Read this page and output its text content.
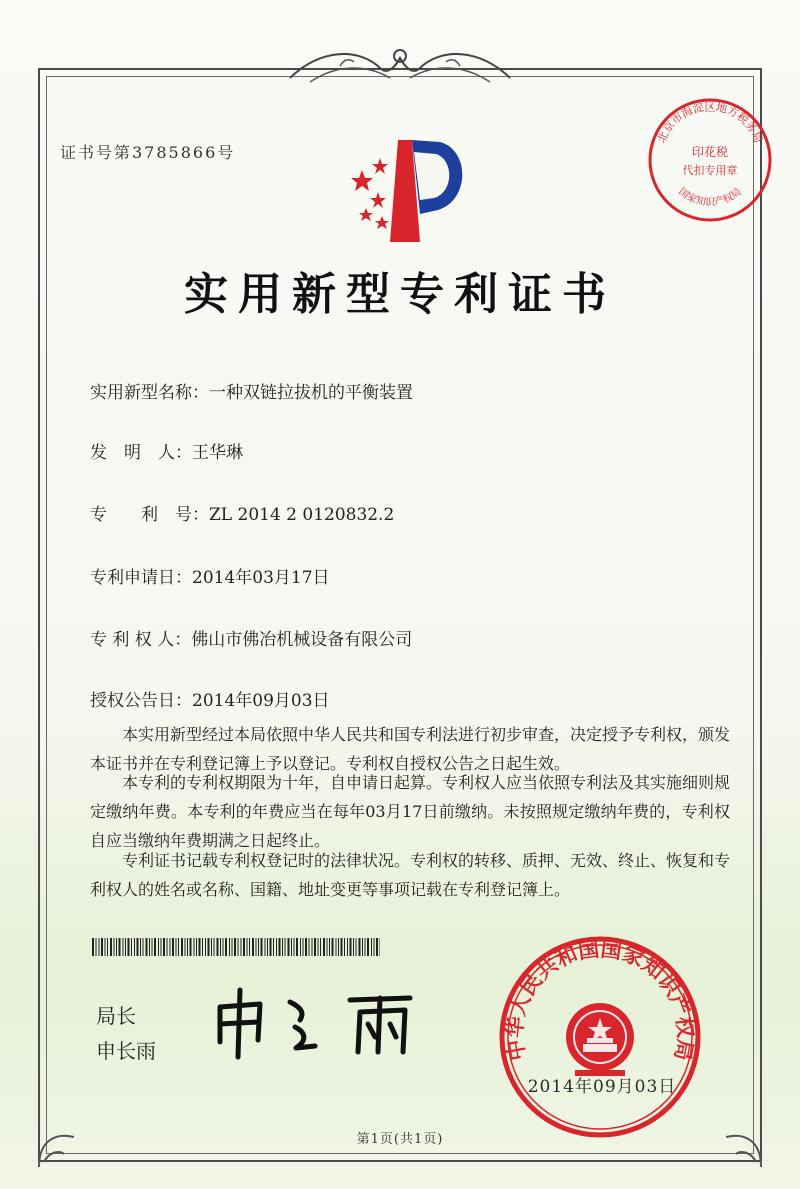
证书号第3785866号
北京市海淀区地方税务局
国家知识产权局
印花税
代扣专用章
实用新型专利证书
实用新型名称：一种双链拉拔机的平衡装置
发　明　人：王华琳
专　　利　号：ZL 2014 2 0120832.2
专利申请日：2014年03月17日
专 利 权 人：佛山市佛冶机械设备有限公司
授权公告日：2014年09月03日
本实用新型经过本局依照中华人民共和国专利法进行初步审查，决定授予专利权，颁发本证书并在专利登记簿上予以登记。专利权自授权公告之日起生效。
本专利的专利权期限为十年，自申请日起算。专利权人应当依照专利法及其实施细则规定缴纳年费。本专利的年费应当在每年03月17日前缴纳。未按照规定缴纳年费的，专利权自应当缴纳年费期满之日起终止。
专利证书记载专利权登记时的法律状况。专利权的转移、质押、无效、终止、恢复和专利权人的姓名或名称、国籍、地址变更等事项记载在专利登记簿上。
局长
申长雨	中华人民共和国国家知识产权局
2014年09月03日
第1页(共1页)
